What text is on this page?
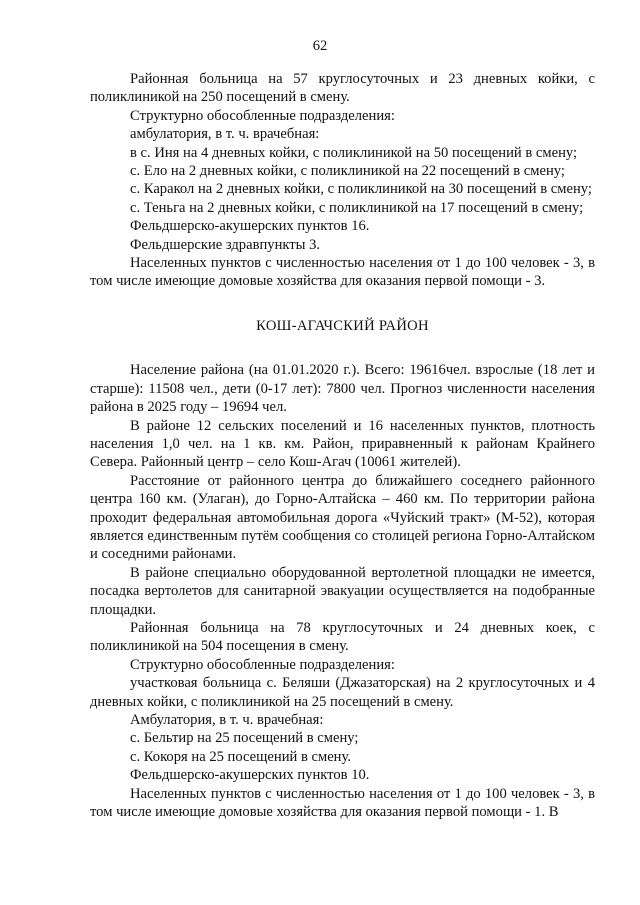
62

Районная больница на 57 круглосуточных и 23 дневных койки, с поликлиникой на 250 посещений в смену.

Структурно обособленные подразделения:

амбулатория, в т. ч. врачебная:

в с. Иня на 4 дневных койки, с поликлиникой на 50 посещений в смену;

с. Ело на 2 дневных койки, с поликлиникой на 22 посещений в смену;

с. Каракол на 2 дневных койки, с поликлиникой на 30 посещений в смену;

с. Теньга на 2 дневных койки, с поликлиникой на 17 посещений в смену;

Фельдшерско-акушерских пунктов 16.

Фельдшерские здравпункты 3.

Населенных пунктов с численностью населения от 1 до 100 человек - 3, в том числе имеющие домовые хозяйства для оказания первой помощи - 3.

КОШ-АГАЧСКИЙ РАЙОН

Население района (на 01.01.2020 г.). Всего: 19616чел. взрослые (18 лет и старше): 11508 чел., дети (0-17 лет): 7800 чел. Прогноз численности населения района в 2025 году – 19694 чел.

В районе 12 сельских поселений и 16 населенных пунктов, плотность населения 1,0 чел. на 1 кв. км. Район, приравненный к районам Крайнего Севера. Районный центр – село Кош-Агач (10061 жителей).

Расстояние от районного центра до ближайшего соседнего районного центра 160 км. (Улаган), до Горно-Алтайска – 460 км. По территории района проходит федеральная автомобильная дорога «Чуйский тракт» (М-52), которая является единственным путём сообщения со столицей региона Горно-Алтайском и соседними районами.

В районе специально оборудованной вертолетной площадки не имеется, посадка вертолетов для санитарной эвакуации осуществляется на подобранные площадки.

Районная больница на 78 круглосуточных и 24 дневных коек, с поликлиникой на 504 посещения в смену.

Структурно обособленные подразделения:

участковая больница с. Беляши (Джазаторская) на 2 круглосуточных и 4 дневных койки, с поликлиникой на 25 посещений в смену.

Амбулатория, в т. ч. врачебная:

с. Бельтир на 25 посещений в смену;

с. Кокоря на 25 посещений в смену.

Фельдшерско-акушерских пунктов 10.

Населенных пунктов с численностью населения от 1 до 100 человек - 3, в том числе имеющие домовые хозяйства для оказания первой помощи - 1. В
